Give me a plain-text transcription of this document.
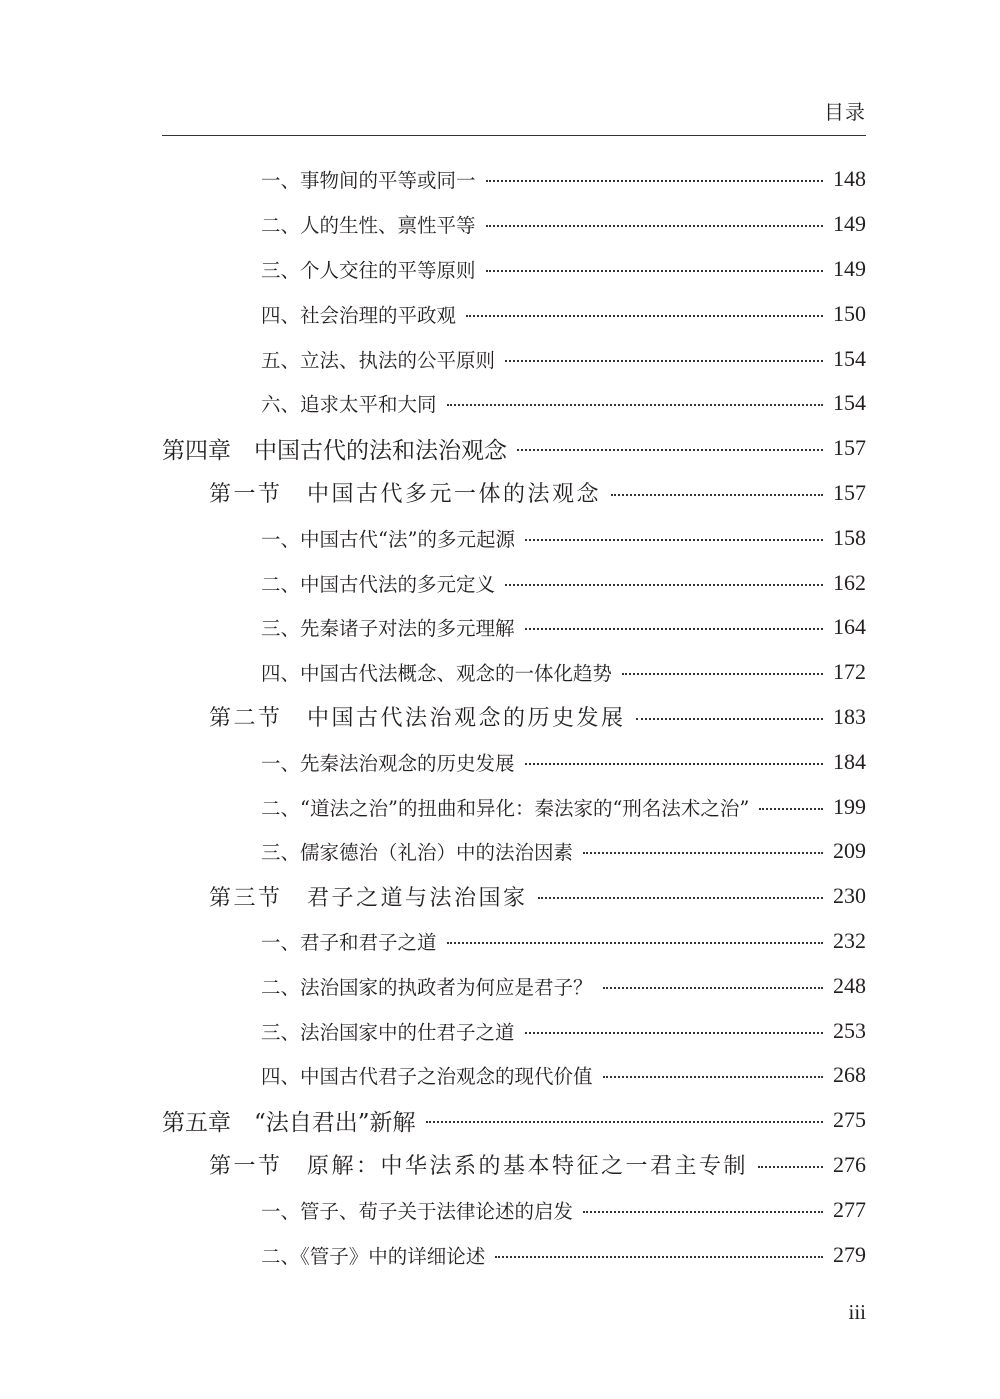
目录
一、事物间的平等或同一	148
二、人的生性、禀性平等	149
三、个人交往的平等原则	149
四、社会治理的平政观	150
五、立法、执法的公平原则	154
六、追求太平和大同	154
第四章　中国古代的法和法治观念	157
第一节　中国古代多元一体的法观念	157
一、中国古代“法”的多元起源	158
二、中国古代法的多元定义	162
三、先秦诸子对法的多元理解	164
四、中国古代法概念、观念的一体化趋势	172
第二节　中国古代法治观念的历史发展	183
一、先秦法治观念的历史发展	184
二、“道法之治”的扭曲和异化：秦法家的“刑名法术之治”	199
三、儒家德治（礼治）中的法治因素	209
第三节　君子之道与法治国家	230
一、君子和君子之道	232
二、法治国家的执政者为何应是君子？	248
三、法治国家中的仕君子之道	253
四、中国古代君子之治观念的现代价值	268
第五章　“法自君出”新解	275
第一节　原解：中华法系的基本特征之一君主专制	276
一、管子、荀子关于法律论述的启发	277
二、《管子》中的详细论述	279
iii
